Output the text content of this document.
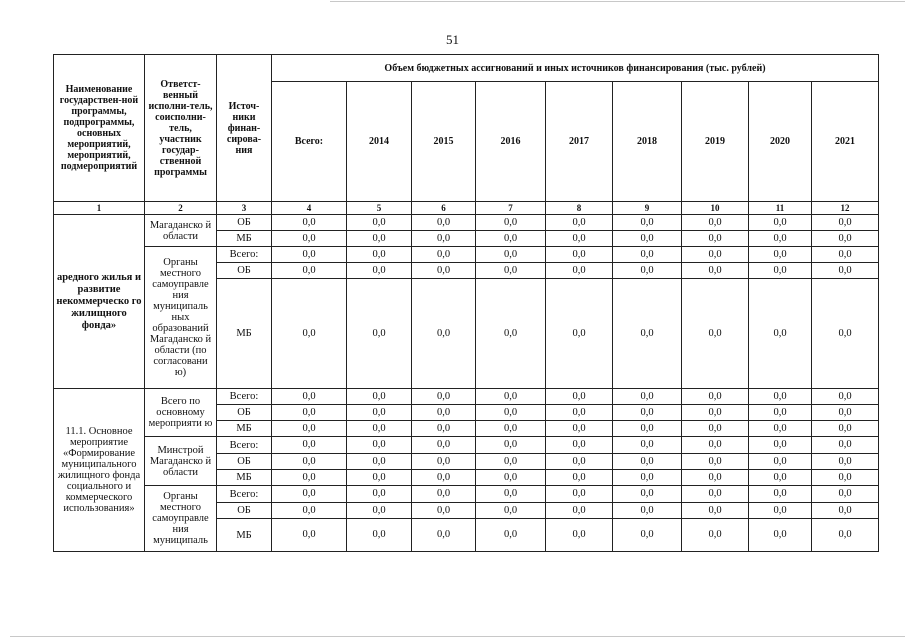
51
Наименование государствен-ной программы, подпрограммы, основных мероприятий, мероприятий, подмероприятий	Ответст-венный исполни-тель, соисполни-тель, участник государ-ственной программы	Источ-ники финан-сирова-ния	Объем бюджетных ассигнований и иных источников финансирования (тыс. рублей)								
			Всего:	2014	2015	2016	2017	2018	2019	2020	2021
1	2	3	4	5	6	7	8	9	10	11	12
аредного жилья и развитие некоммерческо го жилищного фонда»	Магаданско й области	ОБ	0,0	0,0	0,0	0,0	0,0	0,0	0,0	0,0	0,0
		МБ	0,0	0,0	0,0	0,0	0,0	0,0	0,0	0,0	0,0
	Органы местного самоуправле ния муниципаль ных образований Магаданско й области (по согласовани ю)	Всего:	0,0	0,0	0,0	0,0	0,0	0,0	0,0	0,0	0,0
		ОБ	0,0	0,0	0,0	0,0	0,0	0,0	0,0	0,0	0,0
		МБ	0,0	0,0	0,0	0,0	0,0	0,0	0,0	0,0	0,0
11.1. Основное мероприятие «Формирование муниципального жилищного фонда социального и коммерческого использования»	Всего по основному мероприяти ю	Всего:	0,0	0,0	0,0	0,0	0,0	0,0	0,0	0,0	0,0
		ОБ	0,0	0,0	0,0	0,0	0,0	0,0	0,0	0,0	0,0
		МБ	0,0	0,0	0,0	0,0	0,0	0,0	0,0	0,0	0,0
	Минстрой Магаданско й области	Всего:	0,0	0,0	0,0	0,0	0,0	0,0	0,0	0,0	0,0
		ОБ	0,0	0,0	0,0	0,0	0,0	0,0	0,0	0,0	0,0
		МБ	0,0	0,0	0,0	0,0	0,0	0,0	0,0	0,0	0,0
	Органы местного самоуправле ния муниципаль	Всего:	0,0	0,0	0,0	0,0	0,0	0,0	0,0	0,0	0,0
		ОБ	0,0	0,0	0,0	0,0	0,0	0,0	0,0	0,0	0,0
		МБ	0,0	0,0	0,0	0,0	0,0	0,0	0,0	0,0	0,0
